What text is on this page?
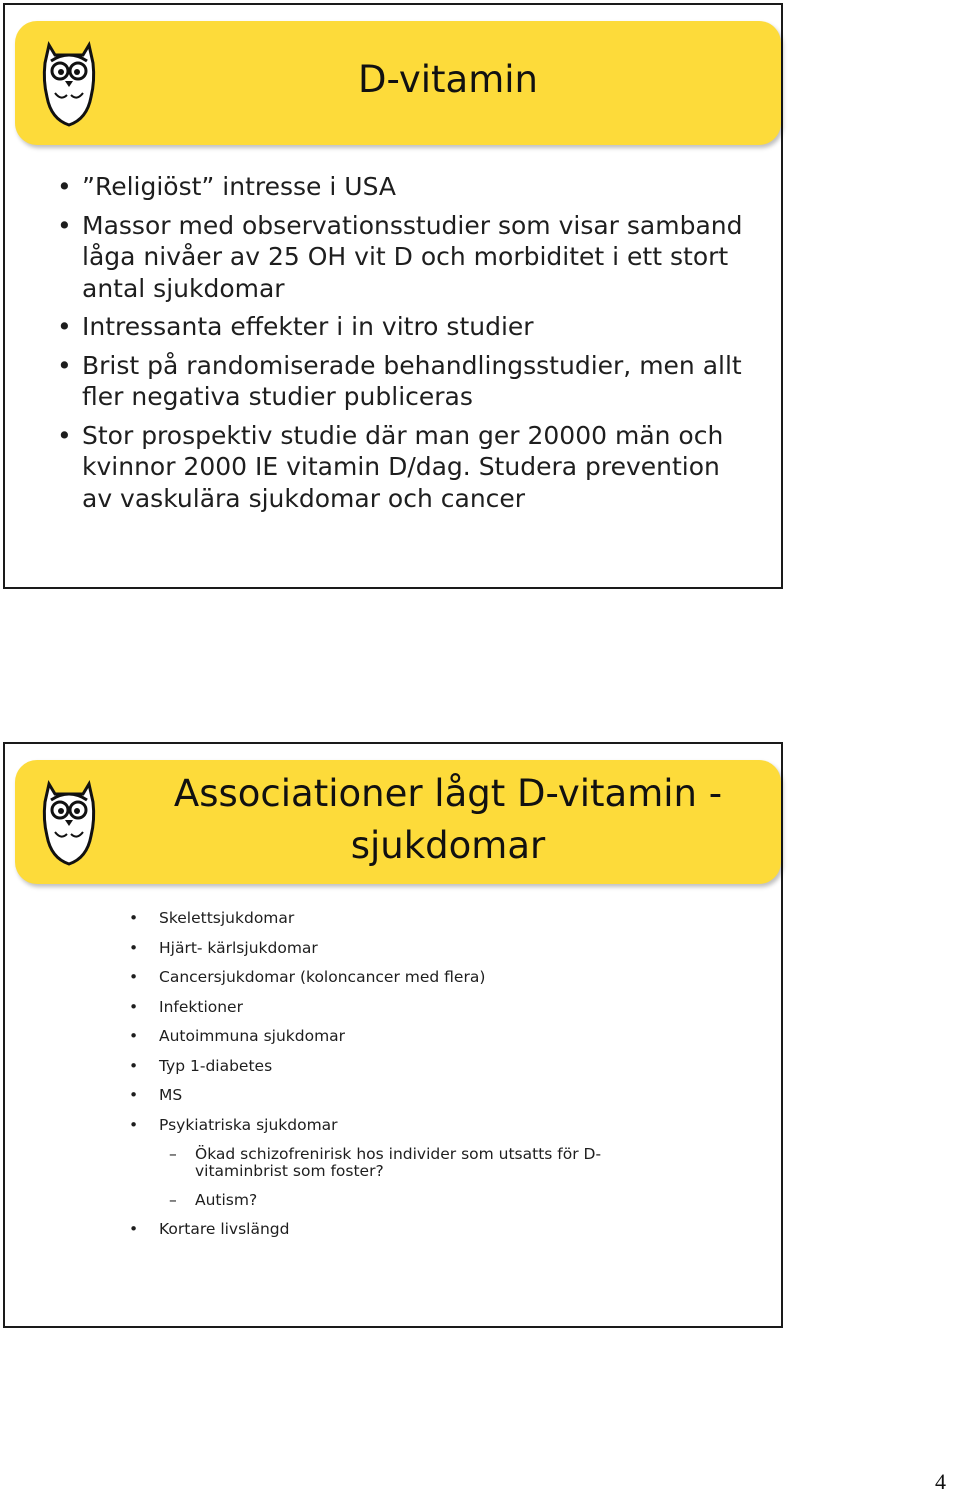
D-vitamin
• ”Religiöst” intresse i USA
• Massor med observationsstudier som visar samband låga nivåer av 25 OH vit D och morbiditet i ett stort antal sjukdomar
• Intressanta effekter i in vitro studier
• Brist på randomiserade behandlingsstudier, men allt fler negativa studier publiceras
• Stor prospektiv studie där man ger 20000 män och kvinnor 2000 IE vitamin D/dag. Studera prevention av vaskulära sjukdomar och cancer
Associationer lågt D-vitamin -
sjukdomar
• Skelettsjukdomar
• Hjärt- kärlsjukdomar
• Cancersjukdomar (koloncancer med flera)
• Infektioner
• Autoimmuna sjukdomar
• Typ 1-diabetes
• MS
• Psykiatriska sjukdomar
– Ökad schizofrenirisk hos individer som utsatts för D-vitaminbrist som foster?
– Autism?
• Kortare livslängd
4
